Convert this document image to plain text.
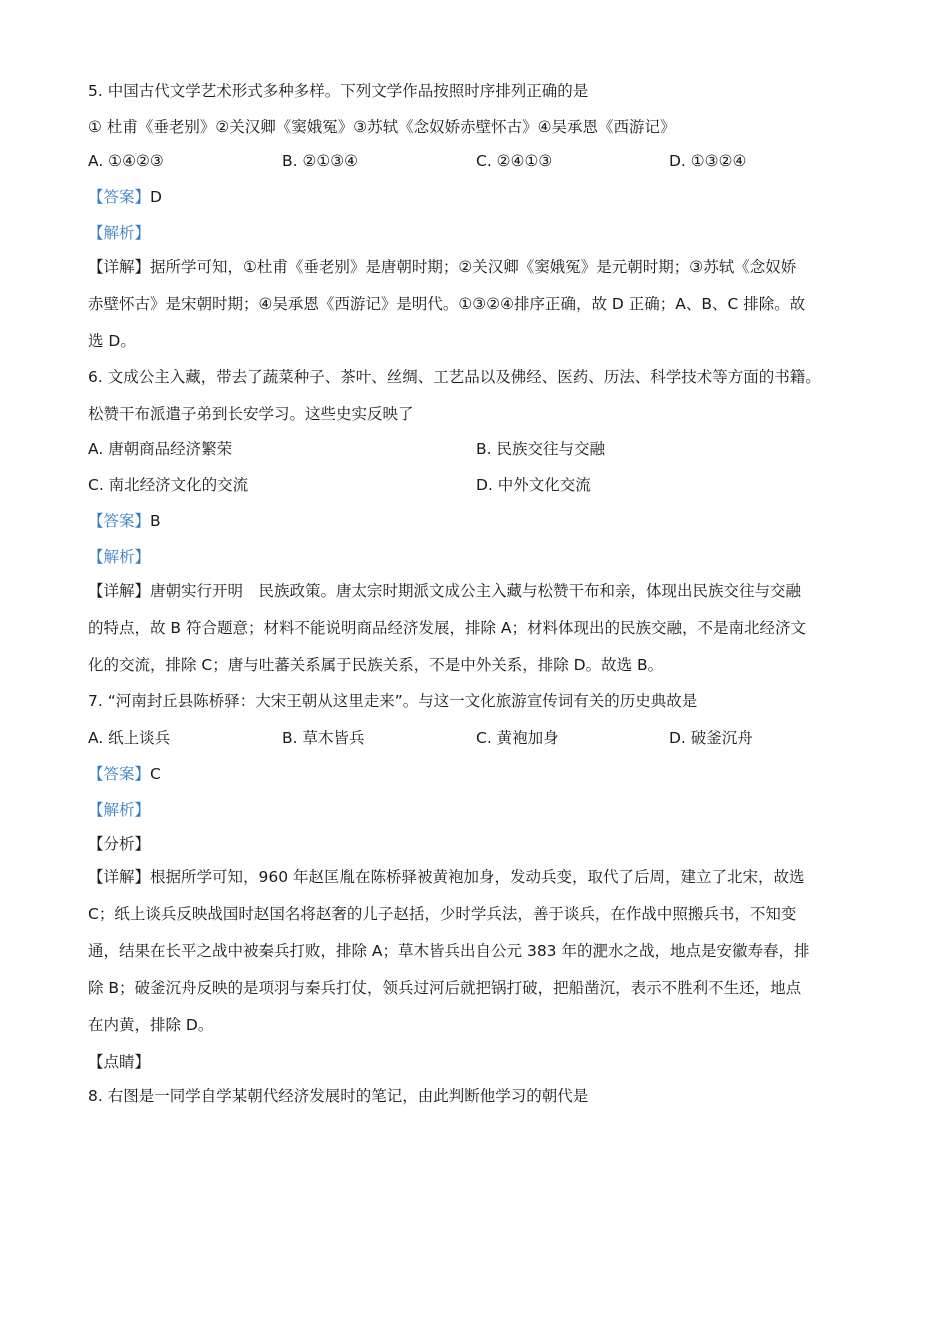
5. 中国古代文学艺术形式多种多样。下列文学作品按照时序排列正确的是
① 杜甫《垂老别》②关汉卿《窦娥冤》③苏轼《念奴娇赤壁怀古》④吴承恩《西游记》
A. ①④②③	B. ②①③④	C. ②④①③	D. ①③②④
【答案】D
【解析】
【详解】据所学可知，①杜甫《垂老别》是唐朝时期；②关汉卿《窦娥冤》是元朝时期；③苏轼《念奴娇
赤壁怀古》是宋朝时期；④吴承恩《西游记》是明代。①③②④排序正确，故 D 正确；A、B、C 排除。故
选 D。
6. 文成公主入藏，带去了蔬菜种子、茶叶、丝绸、工艺品以及佛经、医药、历法、科学技术等方面的书籍。
松赞干布派遣子弟到长安学习。这些史实反映了
A. 唐朝商品经济繁荣	B. 民族交往与交融
C. 南北经济文化的交流	D. 中外文化交流
【答案】B
【解析】
【详解】唐朝实行开明　民族政策。唐太宗时期派文成公主入藏与松赞干布和亲，体现出民族交往与交融
的特点，故 B 符合题意；材料不能说明商品经济发展，排除 A；材料体现出的民族交融，不是南北经济文
化的交流，排除 C；唐与吐蕃关系属于民族关系，不是中外关系，排除 D。故选 B。
7. “河南封丘县陈桥驿：大宋王朝从这里走来”。与这一文化旅游宣传词有关的历史典故是
A. 纸上谈兵	B. 草木皆兵	C. 黄袍加身	D. 破釜沉舟
【答案】C
【解析】
【分析】
【详解】根据所学可知，960 年赵匡胤在陈桥驿被黄袍加身，发动兵变，取代了后周，建立了北宋，故选
C；纸上谈兵反映战国时赵国名将赵奢的儿子赵括，少时学兵法，善于谈兵，在作战中照搬兵书，不知变
通，结果在长平之战中被秦兵打败，排除 A；草木皆兵出自公元 383 年的淝水之战，地点是安徽寿春，排
除 B；破釜沉舟反映的是项羽与秦兵打仗，领兵过河后就把锅打破，把船凿沉，表示不胜利不生还，地点
在内黄，排除 D。
【点睛】
8. 右图是一同学自学某朝代经济发展时的笔记，由此判断他学习的朝代是
